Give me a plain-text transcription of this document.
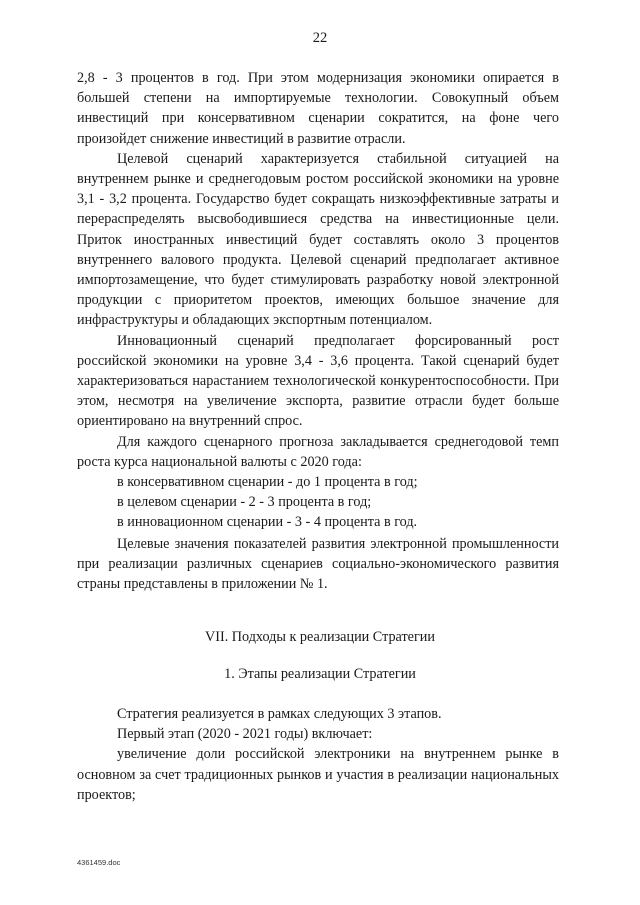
22

2,8 - 3 процентов в год. При этом модернизация экономики опирается в большей степени на импортируемые технологии. Совокупный объем инвестиций при консервативном сценарии сократится, на фоне чего произойдет снижение инвестиций в развитие отрасли.

Целевой сценарий характеризуется стабильной ситуацией на внутреннем рынке и среднегодовым ростом российской экономики на уровне 3,1 - 3,2 процента. Государство будет сокращать низкоэффективные затраты и перераспределять высвободившиеся средства на инвестиционные цели. Приток иностранных инвестиций будет составлять около 3 процентов внутреннего валового продукта. Целевой сценарий предполагает активное импортозамещение, что будет стимулировать разработку новой электронной продукции с приоритетом проектов, имеющих большое значение для инфраструктуры и обладающих экспортным потенциалом.

Инновационный сценарий предполагает форсированный рост российской экономики на уровне 3,4 - 3,6 процента. Такой сценарий будет характеризоваться нарастанием технологической конкурентоспособности. При этом, несмотря на увеличение экспорта, развитие отрасли будет больше ориентировано на внутренний спрос.

Для каждого сценарного прогноза закладывается среднегодовой темп роста курса национальной валюты с 2020 года:

в консервативном сценарии - до 1 процента в год;

в целевом сценарии - 2 - 3 процента в год;

в инновационном сценарии - 3 - 4 процента в год.

Целевые значения показателей развития электронной промышленности при реализации различных сценариев социально-экономического развития страны представлены в приложении № 1.

VII. Подходы к реализации Стратегии
1. Этапы реализации Стратегии

Стратегия реализуется в рамках следующих 3 этапов.

Первый этап (2020 - 2021 годы) включает:

увеличение доли российской электроники на внутреннем рынке в основном за счет традиционных рынков и участия в реализации национальных проектов;

4361459.doc
